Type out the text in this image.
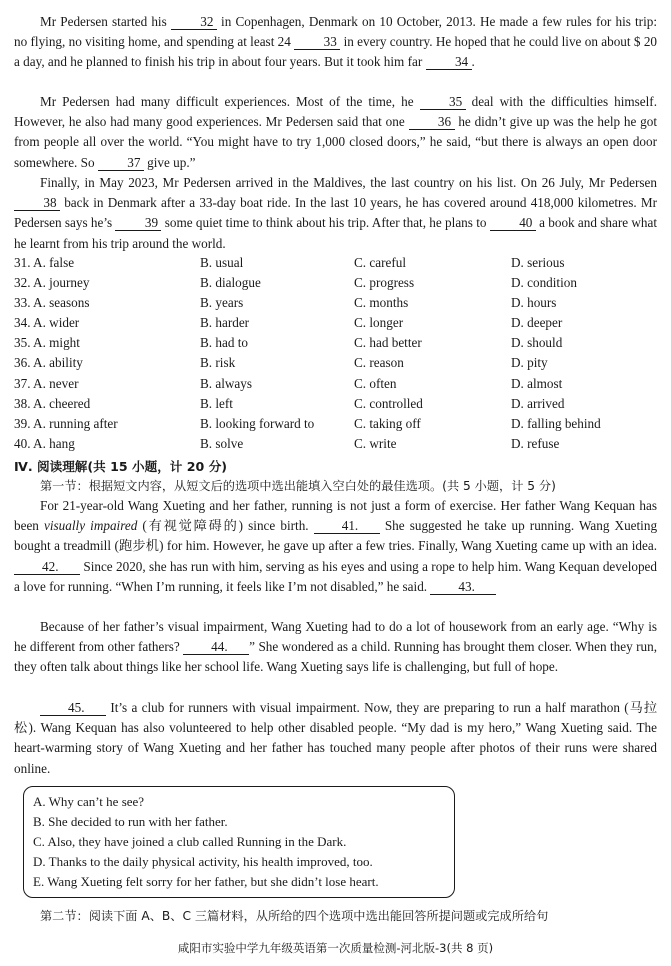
Mr Pedersen started his	32 in Copenhagen, Denmark on 10 October, 2013. He made a few rules for his trip: no flying, no visiting home, and spending at least 24 33 in every country. He hoped that he could live on about $ 20 a day, and he planned to finish his trip in about four years. But it took him far 34 .
Mr Pedersen had many difficult experiences. Most of the time, he	35 deal with the difficulties himself. However, he also had many good experiences. Mr Pedersen said that one	36 he didn’t give up was the help he got from people all over the world. “You might have to try 1,000 closed doors,” he said, “but there is always an open door somewhere. So 37 give up.”
Finally, in May 2023, Mr Pedersen arrived in the Maldives, the last country on his list. On 26 July, Mr Pedersen 38 back in Denmark after a 33-day boat ride. In the last 10 years, he has covered around 418,000 kilometres. Mr Pedersen says he’s 39 some quiet time to think about his trip. After that, he plans to 40 a book and share what he learnt from his trip around the world.
31. A. false	B. usual	C. careful	D. serious
32. A. journey	B. dialogue	C. progress	D. condition
33. A. seasons	B. years	C. months	D. hours
34. A. wider	B. harder	C. longer	D. deeper
35. A. might	B. had to	C. had better	D. should
36. A. ability	B. risk	C. reason	D. pity
37. A. never	B. always	C. often	D. almost
38. A. cheered	B. left	C. controlled	D. arrived
39. A. running after	B. looking forward to	C. taking off	D. falling behind
40. A. hang	B. solve	C. write	D. refuse
Ⅳ. 阅读理解(共 15 小题，计 20 分)
第一节：根据短文内容，从短文后的选项中选出能填入空白处的最佳选项。(共 5 小题，计 5 分)
For 21-year-old Wang Xueting and her father, running is not just a form of exercise. Her father Wang Kequan has been visually impaired (有视觉障碍的) since birth.	41. She suggested he take up running. Wang Xueting bought a treadmill (跑步机) for him. However, he gave up after a few tries. Finally, Wang Xueting came up with an idea. 42. Since 2020, she has run with him, serving as his eyes and using a rope to help him. Wang Kequan developed a love for running. “When I’m running, it feels like I’m not disabled,” he said. 43.
Because of her father’s visual impairment, Wang Xueting had to do a lot of housework from an early age. “Why is he different from other fathers? 44. ” She wondered as a child. Running has brought them closer. When they run, they often talk about things like her school life. Wang Xueting says life is challenging, but full of hope.
45. It’s a club for runners with visual impairment. Now, they are preparing to run a half marathon (马拉松). Wang Kequan has also volunteered to help other disabled people. “My dad is my hero,” Wang Xueting said. The heart-warming story of Wang Xueting and her father has touched many people after photos of their runs were shared online.
A. Why can’t he see?
B. She decided to run with her father.
C. Also, they have joined a club called Running in the Dark.
D. Thanks to the daily physical activity, his health improved, too.
E. Wang Xueting felt sorry for her father, but she didn’t lose heart.
第二节：阅读下面 A、B、C 三篇材料，从所给的四个选项中选出能回答所提问题或完成所给句
咸阳市实验中学九年级英语第一次质量检测-河北版-3(共 8 页)
